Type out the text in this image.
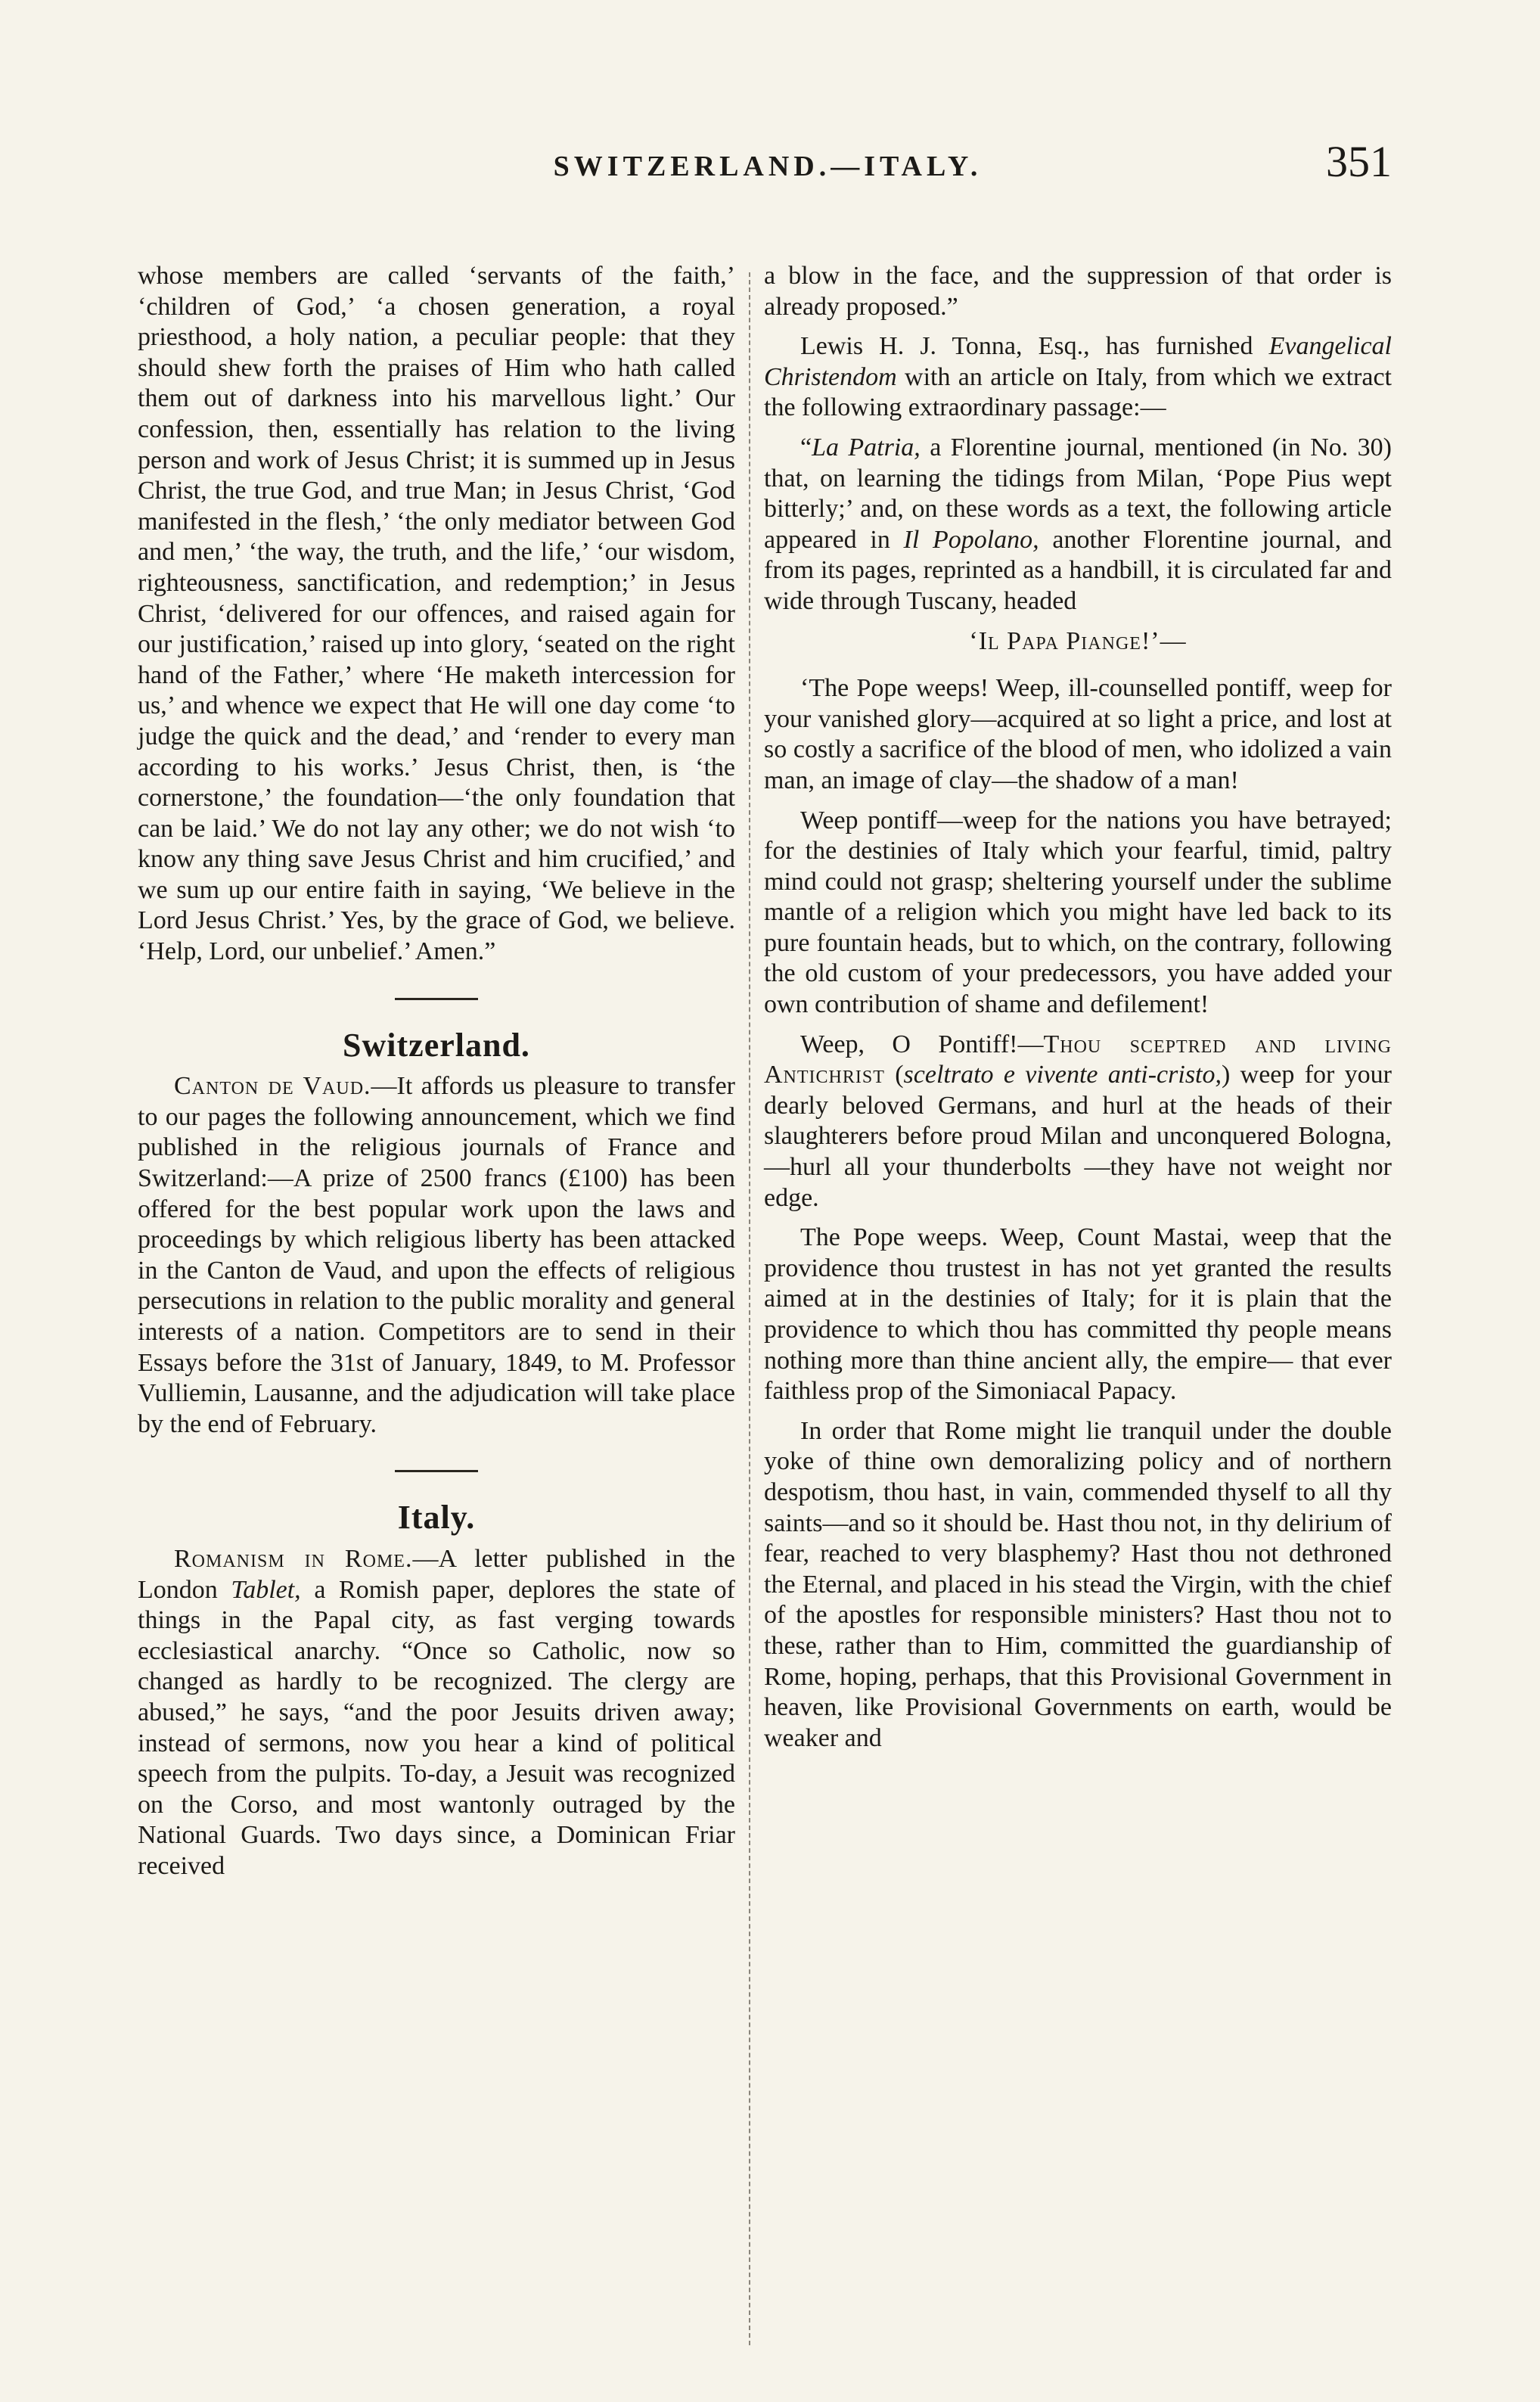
SWITZERLAND.—ITALY.	351

whose members are called ‘servants of the faith,’ ‘children of God,’ ‘a chosen generation, a royal priesthood, a holy nation, a peculiar people: that they should shew forth the praises of Him who hath called them out of darkness into his marvellous light.’ Our confession, then, essentially has relation to the living person and work of Jesus Christ; it is summed up in Jesus Christ, the true God, and true Man; in Jesus Christ, ‘God manifested in the flesh,’ ‘the only mediator between God and men,’ ‘the way, the truth, and the life,’ ‘our wisdom, righteousness, sanctification, and redemption;’ in Jesus Christ, ‘delivered for our offences, and raised again for our justification,’ raised up into glory, ‘seated on the right hand of the Father,’ where ‘He maketh intercession for us,’ and whence we expect that He will one day come ‘to judge the quick and the dead,’ and ‘render to every man according to his works.’ Jesus Christ, then, is ‘the cornerstone,’ the foundation—‘the only foundation that can be laid.’ We do not lay any other; we do not wish ‘to know any thing save Jesus Christ and him crucified,’ and we sum up our entire faith in saying, ‘We believe in the Lord Jesus Christ.’ Yes, by the grace of God, we believe. ‘Help, Lord, our unbelief.’ Amen.”

Switzerland.

Canton de Vaud.—It affords us pleasure to transfer to our pages the following announcement, which we find published in the religious journals of France and Switzerland:—A prize of 2500 francs (£100) has been offered for the best popular work upon the laws and proceedings by which religious liberty has been attacked in the Canton de Vaud, and upon the effects of religious persecutions in relation to the public morality and general interests of a nation. Competitors are to send in their Essays before the 31st of January, 1849, to M. Professor Vulliemin, Lausanne, and the adjudication will take place by the end of February.

Italy.

Romanism in Rome.—A letter published in the London Tablet, a Romish paper, deplores the state of things in the Papal city, as fast verging towards ecclesiastical anarchy. “Once so Catholic, now so changed as hardly to be recognized. The clergy are abused,” he says, “and the poor Jesuits driven away; instead of sermons, now you hear a kind of political speech from the pulpits. To-day, a Jesuit was recognized on the Corso, and most wantonly outraged by the National Guards. Two days since, a Dominican Friar received

a blow in the face, and the suppression of that order is already proposed.”

Lewis H. J. Tonna, Esq., has furnished Evangelical Christendom with an article on Italy, from which we extract the following extraordinary passage:—

“La Patria, a Florentine journal, mentioned (in No. 30) that, on learning the tidings from Milan, ‘Pope Pius wept bitterly;’ and, on these words as a text, the following article appeared in Il Popolano, another Florentine journal, and from its pages, reprinted as a handbill, it is circulated far and wide through Tuscany, headed

‘Il Papa Piange!’—

‘The Pope weeps! Weep, ill-counselled pontiff, weep for your vanished glory—acquired at so light a price, and lost at so costly a sacrifice of the blood of men, who idolized a vain man, an image of clay—the shadow of a man!

Weep pontiff—weep for the nations you have betrayed; for the destinies of Italy which your fearful, timid, paltry mind could not grasp; sheltering yourself under the sublime mantle of a religion which you might have led back to its pure fountain heads, but to which, on the contrary, following the old custom of your predecessors, you have added your own contribution of shame and defilement!

Weep, O Pontiff!—Thou sceptred and living Antichrist (sceltrato e vivente anti-cristo,) weep for your dearly beloved Germans, and hurl at the heads of their slaughterers before proud Milan and unconquered Bologna,—hurl all your thunderbolts —they have not weight nor edge.

The Pope weeps. Weep, Count Mastai, weep that the providence thou trustest in has not yet granted the results aimed at in the destinies of Italy; for it is plain that the providence to which thou has committed thy people means nothing more than thine ancient ally, the empire— that ever faithless prop of the Simoniacal Papacy.

In order that Rome might lie tranquil under the double yoke of thine own demoralizing policy and of northern despotism, thou hast, in vain, commended thyself to all thy saints—and so it should be. Hast thou not, in thy delirium of fear, reached to very blasphemy? Hast thou not dethroned the Eternal, and placed in his stead the Virgin, with the chief of the apostles for responsible ministers? Hast thou not to these, rather than to Him, committed the guardianship of Rome, hoping, perhaps, that this Provisional Government in heaven, like Provisional Governments on earth, would be weaker and
